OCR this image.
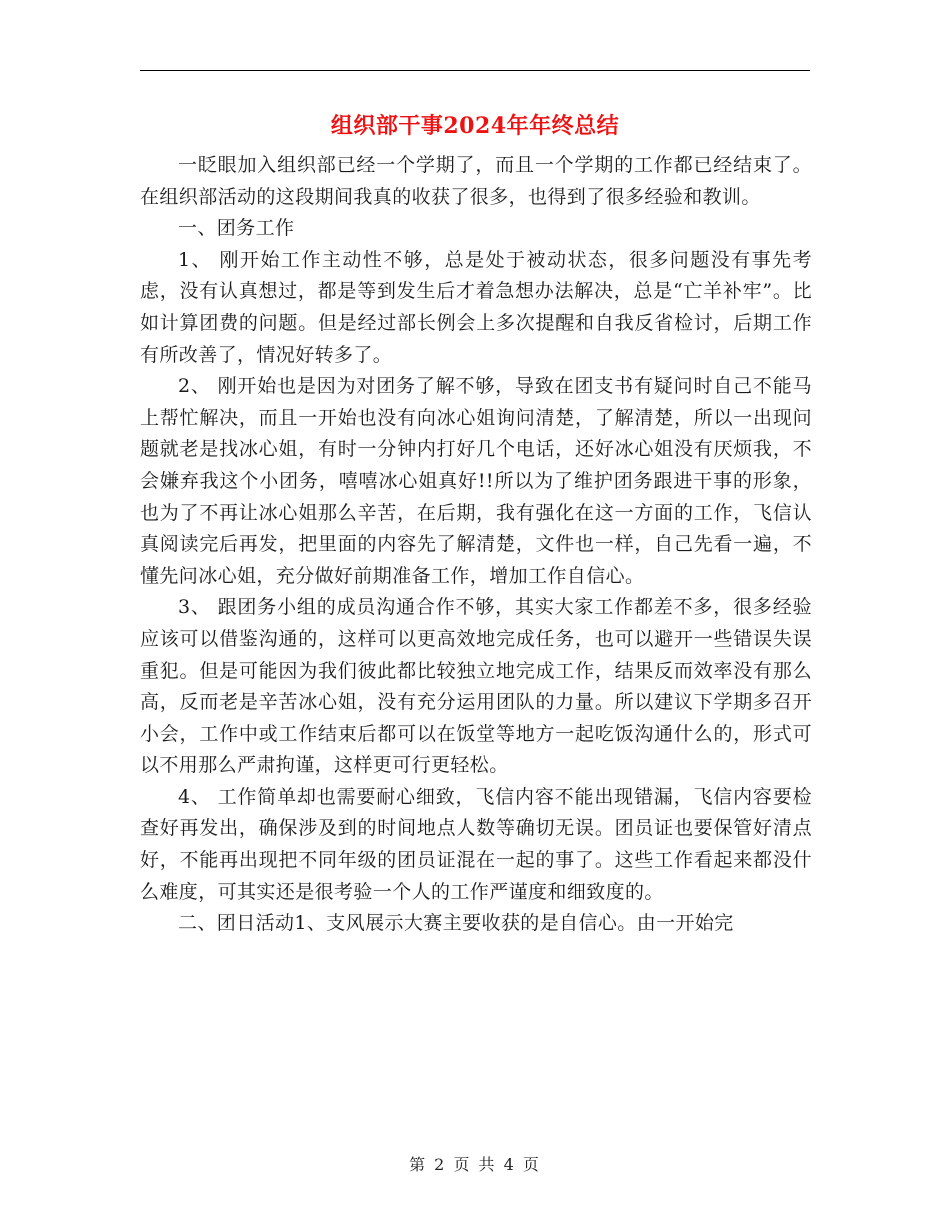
组织部干事2024年年终总结

一眨眼加入组织部已经一个学期了，而且一个学期的工作都已经结束了。在组织部活动的这段期间我真的收获了很多，也得到了很多经验和教训。

一、团务工作

1、 刚开始工作主动性不够，总是处于被动状态，很多问题没有事先考虑，没有认真想过，都是等到发生后才着急想办法解决，总是“亡羊补牢”。比如计算团费的问题。但是经过部长例会上多次提醒和自我反省检讨，后期工作有所改善了，情况好转多了。

2、 刚开始也是因为对团务了解不够，导致在团支书有疑问时自己不能马上帮忙解决，而且一开始也没有向冰心姐询问清楚，了解清楚，所以一出现问题就老是找冰心姐，有时一分钟内打好几个电话，还好冰心姐没有厌烦我，不会嫌弃我这个小团务，嘻嘻冰心姐真好!!所以为了维护团务跟进干事的形象，也为了不再让冰心姐那么辛苦，在后期，我有强化在这一方面的工作，飞信认真阅读完后再发，把里面的内容先了解清楚，文件也一样，自己先看一遍，不懂先问冰心姐，充分做好前期准备工作，增加工作自信心。

3、 跟团务小组的成员沟通合作不够，其实大家工作都差不多，很多经验应该可以借鉴沟通的，这样可以更高效地完成任务，也可以避开一些错误失误重犯。但是可能因为我们彼此都比较独立地完成工作，结果反而效率没有那么高，反而老是辛苦冰心姐，没有充分运用团队的力量。所以建议下学期多召开小会，工作中或工作结束后都可以在饭堂等地方一起吃饭沟通什么的，形式可以不用那么严肃拘谨，这样更可行更轻松。

4、 工作简单却也需要耐心细致，飞信内容不能出现错漏，飞信内容要检查好再发出，确保涉及到的时间地点人数等确切无误。团员证也要保管好清点好，不能再出现把不同年级的团员证混在一起的事了。这些工作看起来都没什么难度，可其实还是很考验一个人的工作严谨度和细致度的。

二、团日活动1、支风展示大赛主要收获的是自信心。由一开始完

第 2 页 共 4 页
